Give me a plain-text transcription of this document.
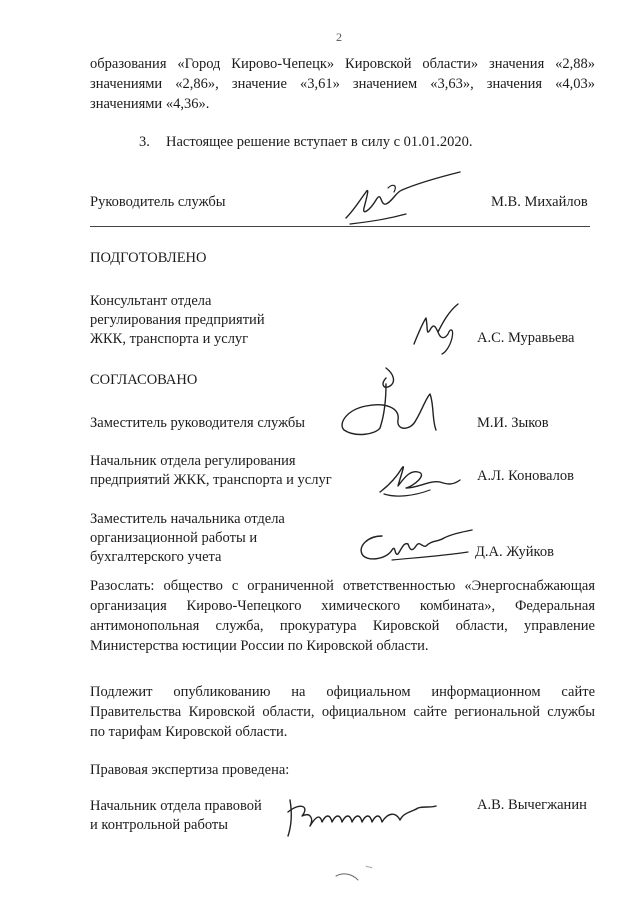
2
образования «Город Кирово-Чепецк» Кировской области» значения «2,88»
значениями «2,86», значение «3,61» значением «3,63», значения «4,03»
значениями «4,36».
3. Настоящее решение вступает в силу с 01.01.2020.
Руководитель службы	М.В. Михайлов
ПОДГОТОВЛЕНО
Консультант отдела
регулирования предприятий
ЖКК, транспорта и услуг	А.С. Муравьева
СОГЛАСОВАНО
Заместитель руководителя службы	М.И. Зыков
Начальник отдела регулирования
предприятий ЖКК, транспорта и услуг	А.Л. Коновалов
Заместитель начальника отдела
организационной работы и
бухгалтерского учета	Д.А. Жуйков
Разослать: общество с ограниченной ответственностью «Энергоснабжающая
организация Кирово-Чепецкого химического комбината», Федеральная
антимонопольная служба, прокуратура Кировской области, управление
Министерства юстиции России по Кировской области.
Подлежит опубликованию на официальном информационном сайте
Правительства Кировской области, официальном сайте региональной службы
по тарифам Кировской области.
Правовая экспертиза проведена:
Начальник отдела правовой
и контрольной работы
А.В. Вычегжанин
